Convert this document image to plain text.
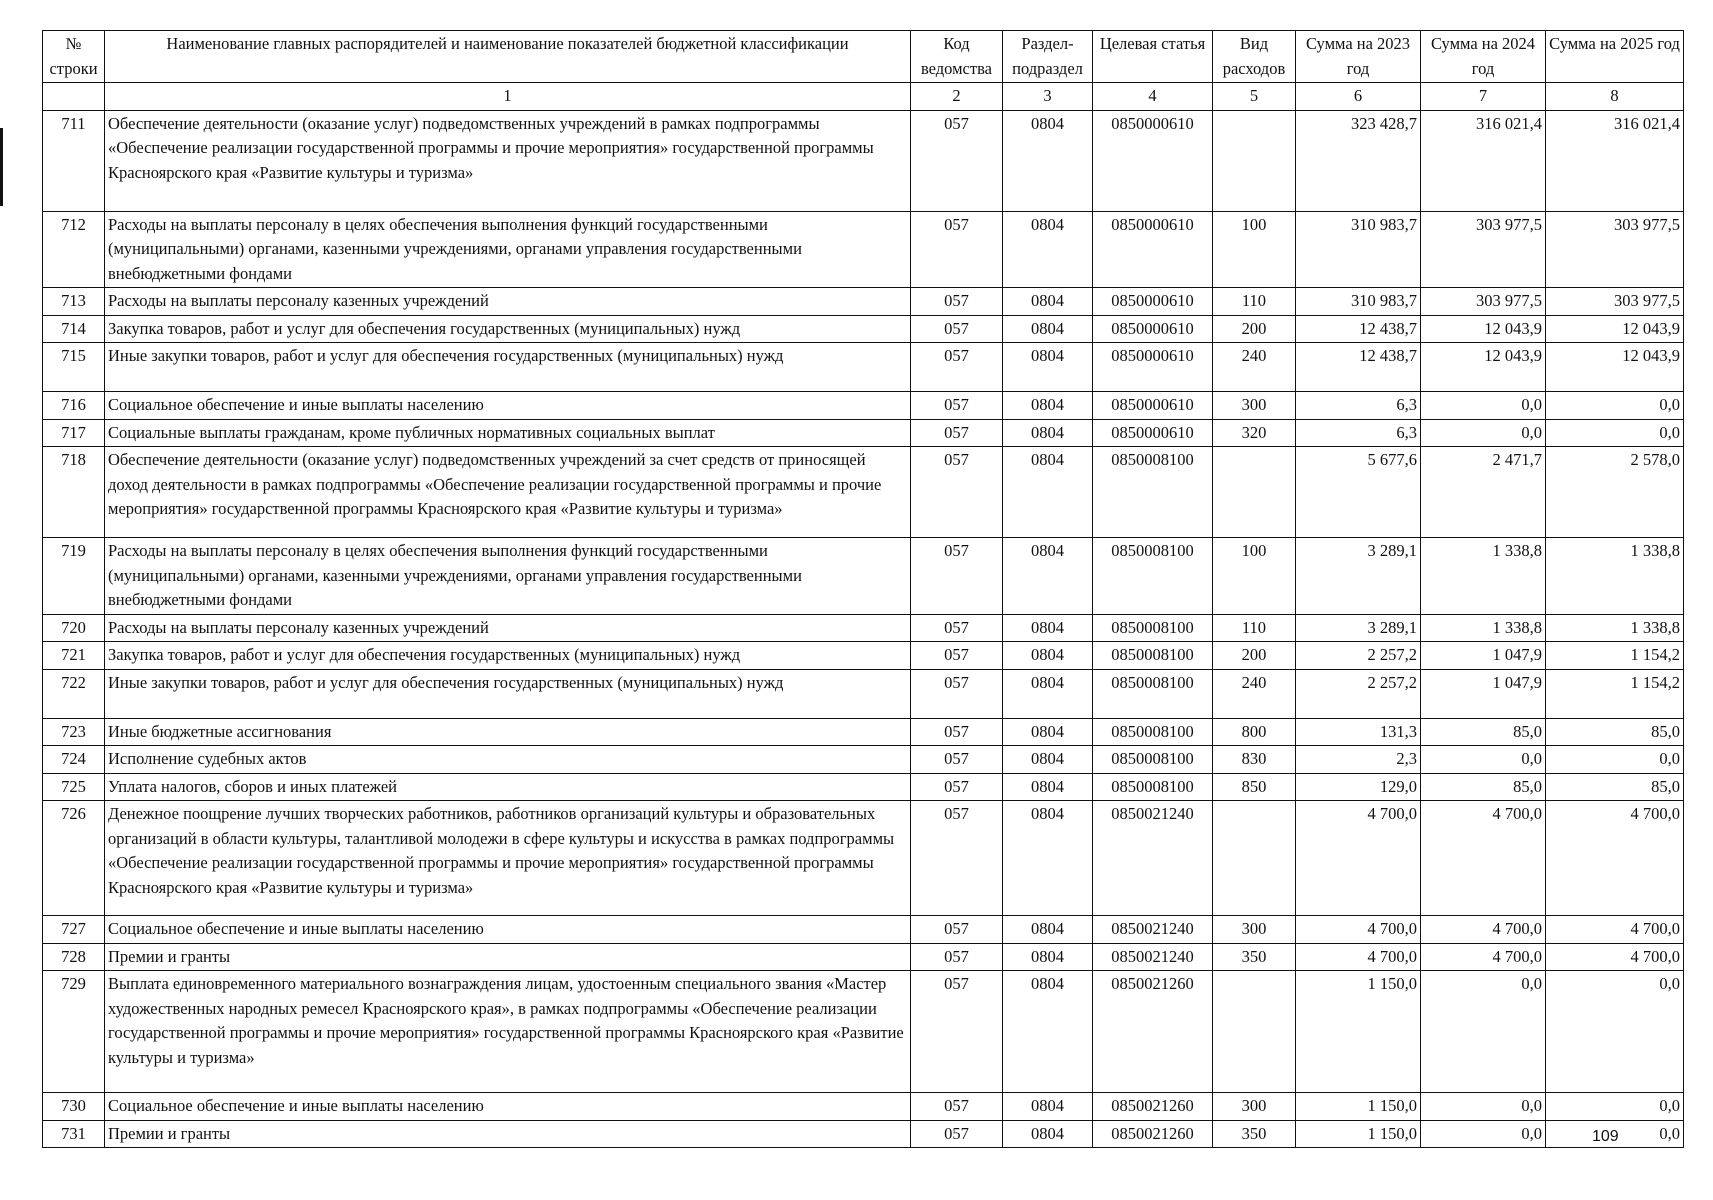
№ строки	Наименование главных распорядителей и наименование показателей бюджетной классификации	Код ведомства	Раздел-подраздел	Целевая статья	Вид расходов	Сумма на 2023 год	Сумма на 2024 год	Сумма на 2025 год
	1	2	3	4	5	6	7	8
711	Обеспечение деятельности (оказание услуг) подведомственных учреждений в рамках подпрограммы «Обеспечение реализации государственной программы и прочие мероприятия» государственной программы Красноярского края «Развитие культуры и туризма»	057	0804	0850000610		323 428,7	316 021,4	316 021,4
712	Расходы на выплаты персоналу в целях обеспечения выполнения функций государственными (муниципальными) органами, казенными учреждениями, органами управления государственными внебюджетными фондами	057	0804	0850000610	100	310 983,7	303 977,5	303 977,5
713	Расходы на выплаты персоналу казенных учреждений	057	0804	0850000610	110	310 983,7	303 977,5	303 977,5
714	Закупка товаров, работ и услуг для обеспечения государственных (муниципальных) нужд	057	0804	0850000610	200	12 438,7	12 043,9	12 043,9
715	Иные закупки товаров, работ и услуг для обеспечения государственных (муниципальных) нужд	057	0804	0850000610	240	12 438,7	12 043,9	12 043,9
716	Социальное обеспечение и иные выплаты населению	057	0804	0850000610	300	6,3	0,0	0,0
717	Социальные выплаты гражданам, кроме публичных нормативных социальных выплат	057	0804	0850000610	320	6,3	0,0	0,0
718	Обеспечение деятельности (оказание услуг) подведомственных учреждений за счет средств от приносящей доход деятельности в рамках подпрограммы «Обеспечение реализации государственной программы и прочие мероприятия» государственной программы Красноярского края «Развитие культуры и туризма»	057	0804	0850008100		5 677,6	2 471,7	2 578,0
719	Расходы на выплаты персоналу в целях обеспечения выполнения функций государственными (муниципальными) органами, казенными учреждениями, органами управления государственными внебюджетными фондами	057	0804	0850008100	100	3 289,1	1 338,8	1 338,8
720	Расходы на выплаты персоналу казенных учреждений	057	0804	0850008100	110	3 289,1	1 338,8	1 338,8
721	Закупка товаров, работ и услуг для обеспечения государственных (муниципальных) нужд	057	0804	0850008100	200	2 257,2	1 047,9	1 154,2
722	Иные закупки товаров, работ и услуг для обеспечения государственных (муниципальных) нужд	057	0804	0850008100	240	2 257,2	1 047,9	1 154,2
723	Иные бюджетные ассигнования	057	0804	0850008100	800	131,3	85,0	85,0
724	Исполнение судебных актов	057	0804	0850008100	830	2,3	0,0	0,0
725	Уплата налогов, сборов и иных платежей	057	0804	0850008100	850	129,0	85,0	85,0
726	Денежное поощрение лучших творческих работников, работников организаций культуры и образовательных организаций в области культуры, талантливой молодежи в сфере культуры и искусства в рамках подпрограммы «Обеспечение реализации государственной программы и прочие мероприятия» государственной программы Красноярского края «Развитие культуры и туризма»	057	0804	0850021240		4 700,0	4 700,0	4 700,0
727	Социальное обеспечение и иные выплаты населению	057	0804	0850021240	300	4 700,0	4 700,0	4 700,0
728	Премии и гранты	057	0804	0850021240	350	4 700,0	4 700,0	4 700,0
729	Выплата единовременного материального вознаграждения лицам, удостоенным специального звания «Мастер художественных народных ремесел Красноярского края», в рамках подпрограммы «Обеспечение реализации государственной программы и прочие мероприятия» государственной программы Красноярского края «Развитие культуры и туризма»	057	0804	0850021260		1 150,0	0,0	0,0
730	Социальное обеспечение и иные выплаты населению	057	0804	0850021260	300	1 150,0	0,0	0,0
731	Премии и гранты	057	0804	0850021260	350	1 150,0	0,0	0,0
109
